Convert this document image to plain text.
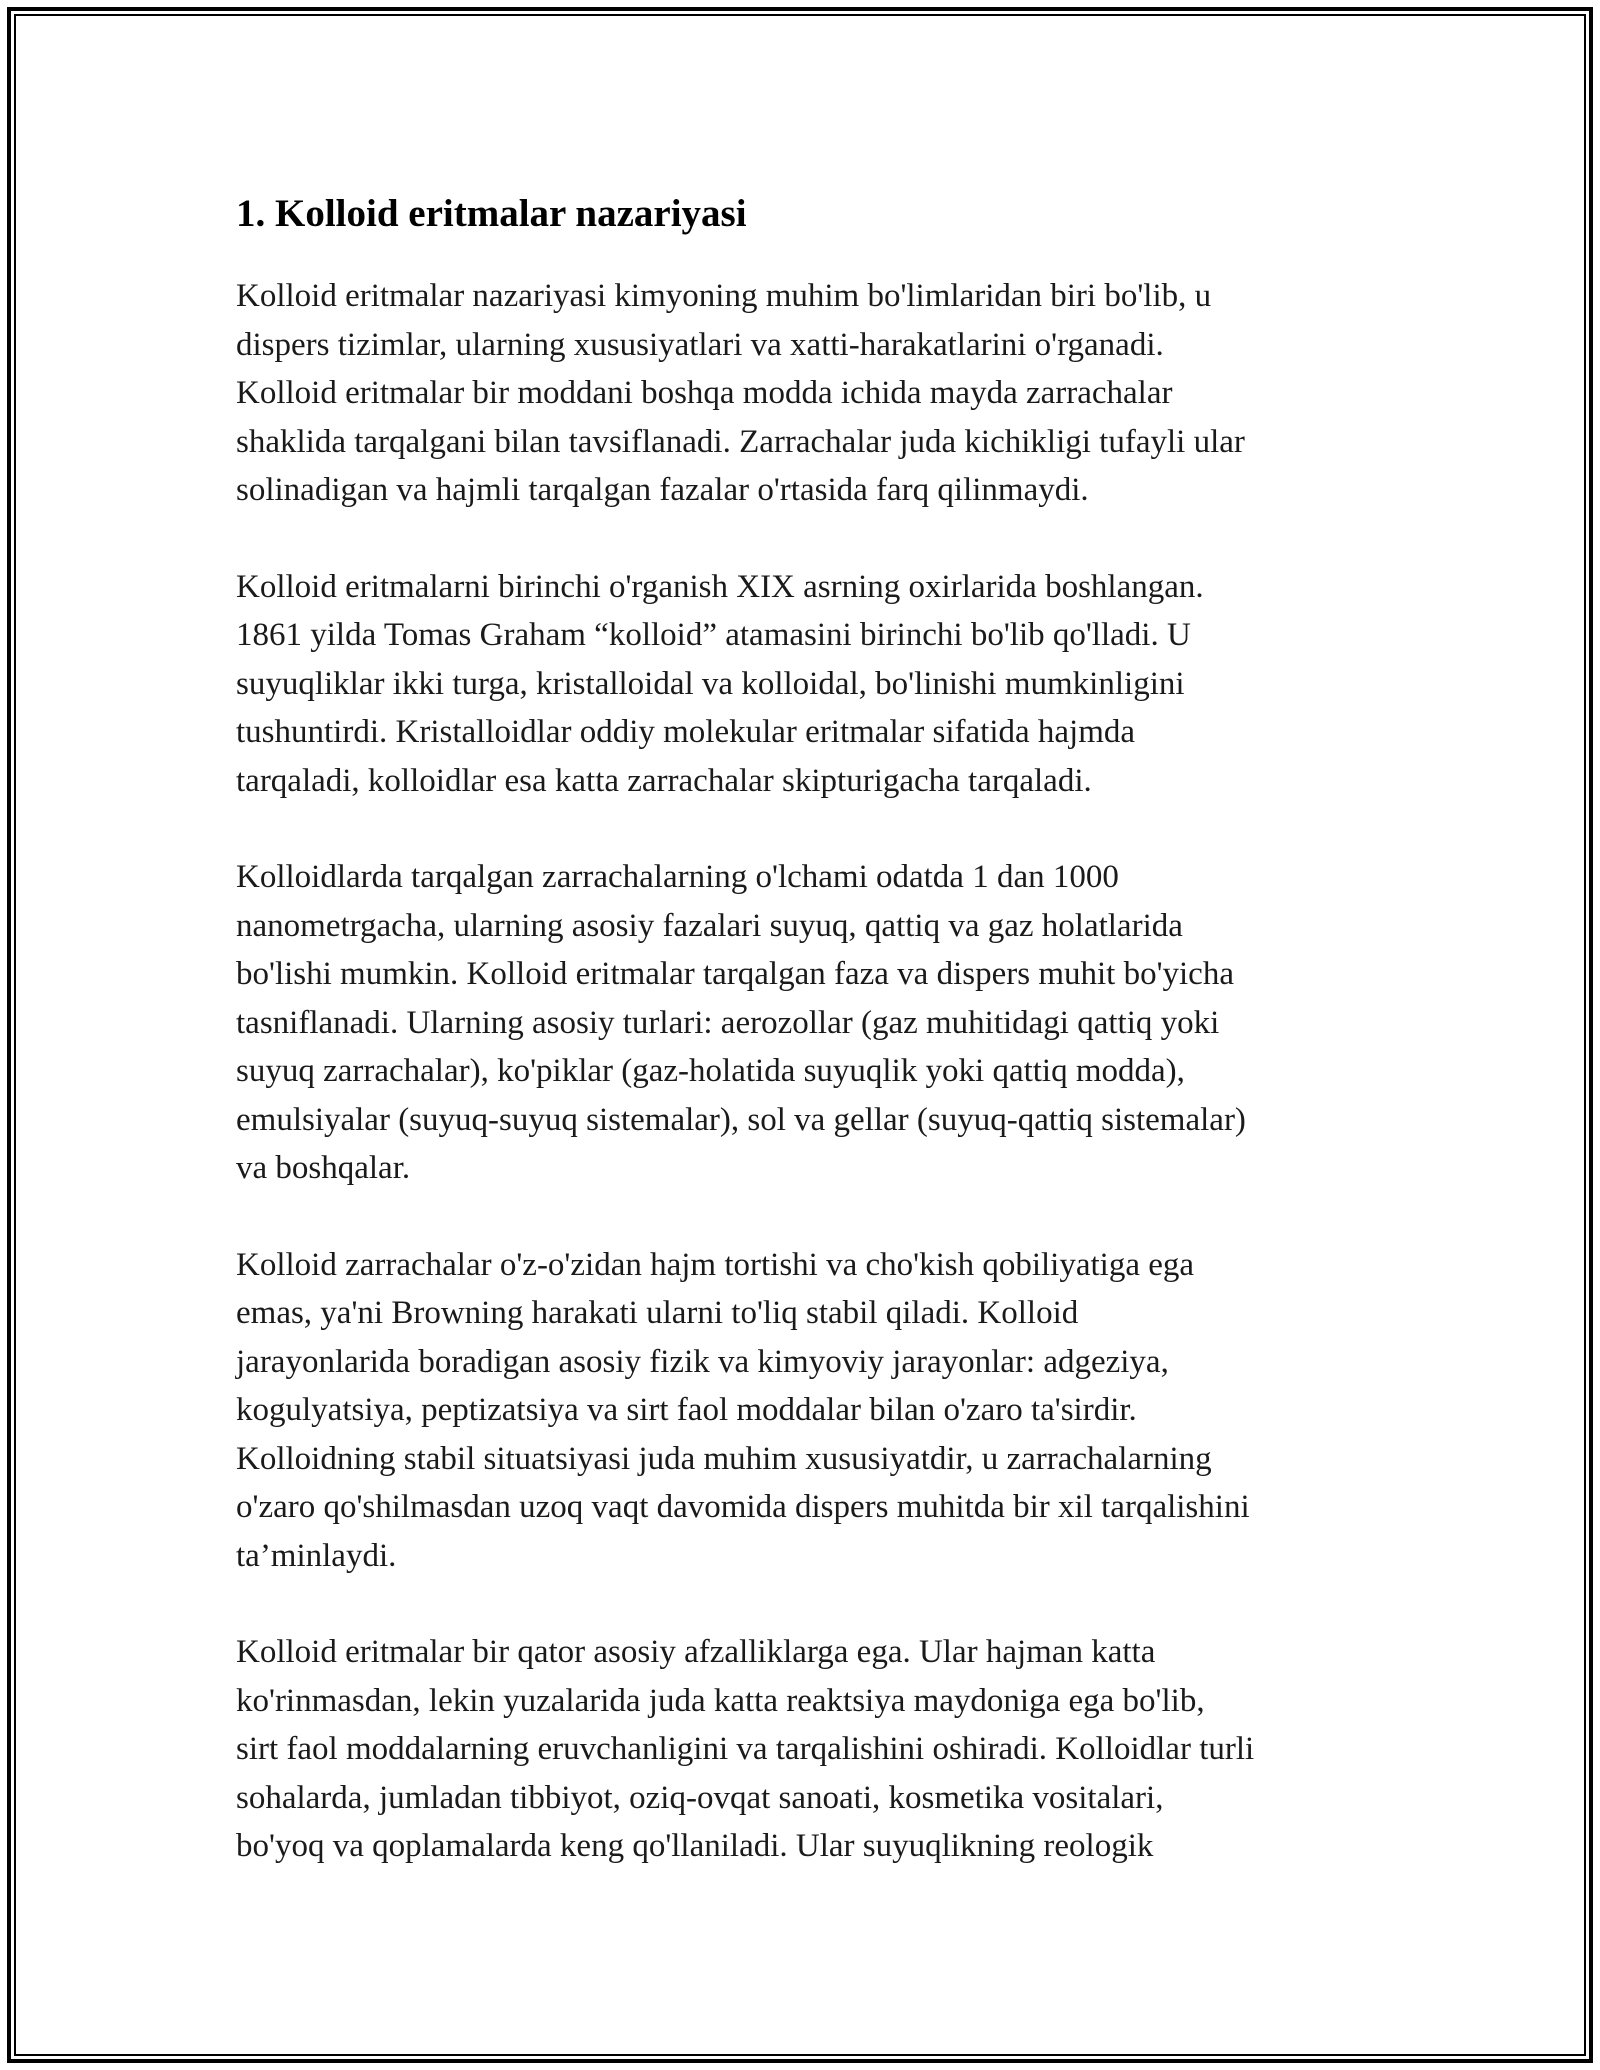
1. Kolloid eritmalar nazariyasi

Kolloid eritmalar nazariyasi kimyoning muhim bo'limlaridan biri bo'lib, u
dispers tizimlar, ularning xususiyatlari va xatti-harakatlarini o'rganadi.
Kolloid eritmalar bir moddani boshqa modda ichida mayda zarrachalar
shaklida tarqalgani bilan tavsiflanadi. Zarrachalar juda kichikligi tufayli ular
solinadigan va hajmli tarqalgan fazalar o'rtasida farq qilinmaydi.

Kolloid eritmalarni birinchi o'rganish XIX asrning oxirlarida boshlangan.
1861 yilda Tomas Graham “kolloid” atamasini birinchi bo'lib qo'lladi. U
suyuqliklar ikki turga, kristalloidal va kolloidal, bo'linishi mumkinligini
tushuntirdi. Kristalloidlar oddiy molekular eritmalar sifatida hajmda
tarqaladi, kolloidlar esa katta zarrachalar skipturigacha tarqaladi.

Kolloidlarda tarqalgan zarrachalarning o'lchami odatda 1 dan 1000
nanometrgacha, ularning asosiy fazalari suyuq, qattiq va gaz holatlarida
bo'lishi mumkin. Kolloid eritmalar tarqalgan faza va dispers muhit bo'yicha
tasniflanadi. Ularning asosiy turlari: aerozollar (gaz muhitidagi qattiq yoki
suyuq zarrachalar), ko'piklar (gaz-holatida suyuqlik yoki qattiq modda),
emulsiyalar (suyuq-suyuq sistemalar), sol va gellar (suyuq-qattiq sistemalar)
va boshqalar.

Kolloid zarrachalar o'z-o'zidan hajm tortishi va cho'kish qobiliyatiga ega
emas, ya'ni Browning harakati ularni to'liq stabil qiladi. Kolloid
jarayonlarida boradigan asosiy fizik va kimyoviy jarayonlar: adgeziya,
kogulyatsiya, peptizatsiya va sirt faol moddalar bilan o'zaro ta'sirdir.
Kolloidning stabil situatsiyasi juda muhim xususiyatdir, u zarrachalarning
o'zaro qo'shilmasdan uzoq vaqt davomida dispers muhitda bir xil tarqalishini
ta’minlaydi.

Kolloid eritmalar bir qator asosiy afzalliklarga ega. Ular hajman katta
ko'rinmasdan, lekin yuzalarida juda katta reaktsiya maydoniga ega bo'lib,
sirt faol moddalarning eruvchanligini va tarqalishini oshiradi. Kolloidlar turli
sohalarda, jumladan tibbiyot, oziq-ovqat sanoati, kosmetika vositalari,
bo'yoq va qoplamalarda keng qo'llaniladi. Ular suyuqlikning reologik
